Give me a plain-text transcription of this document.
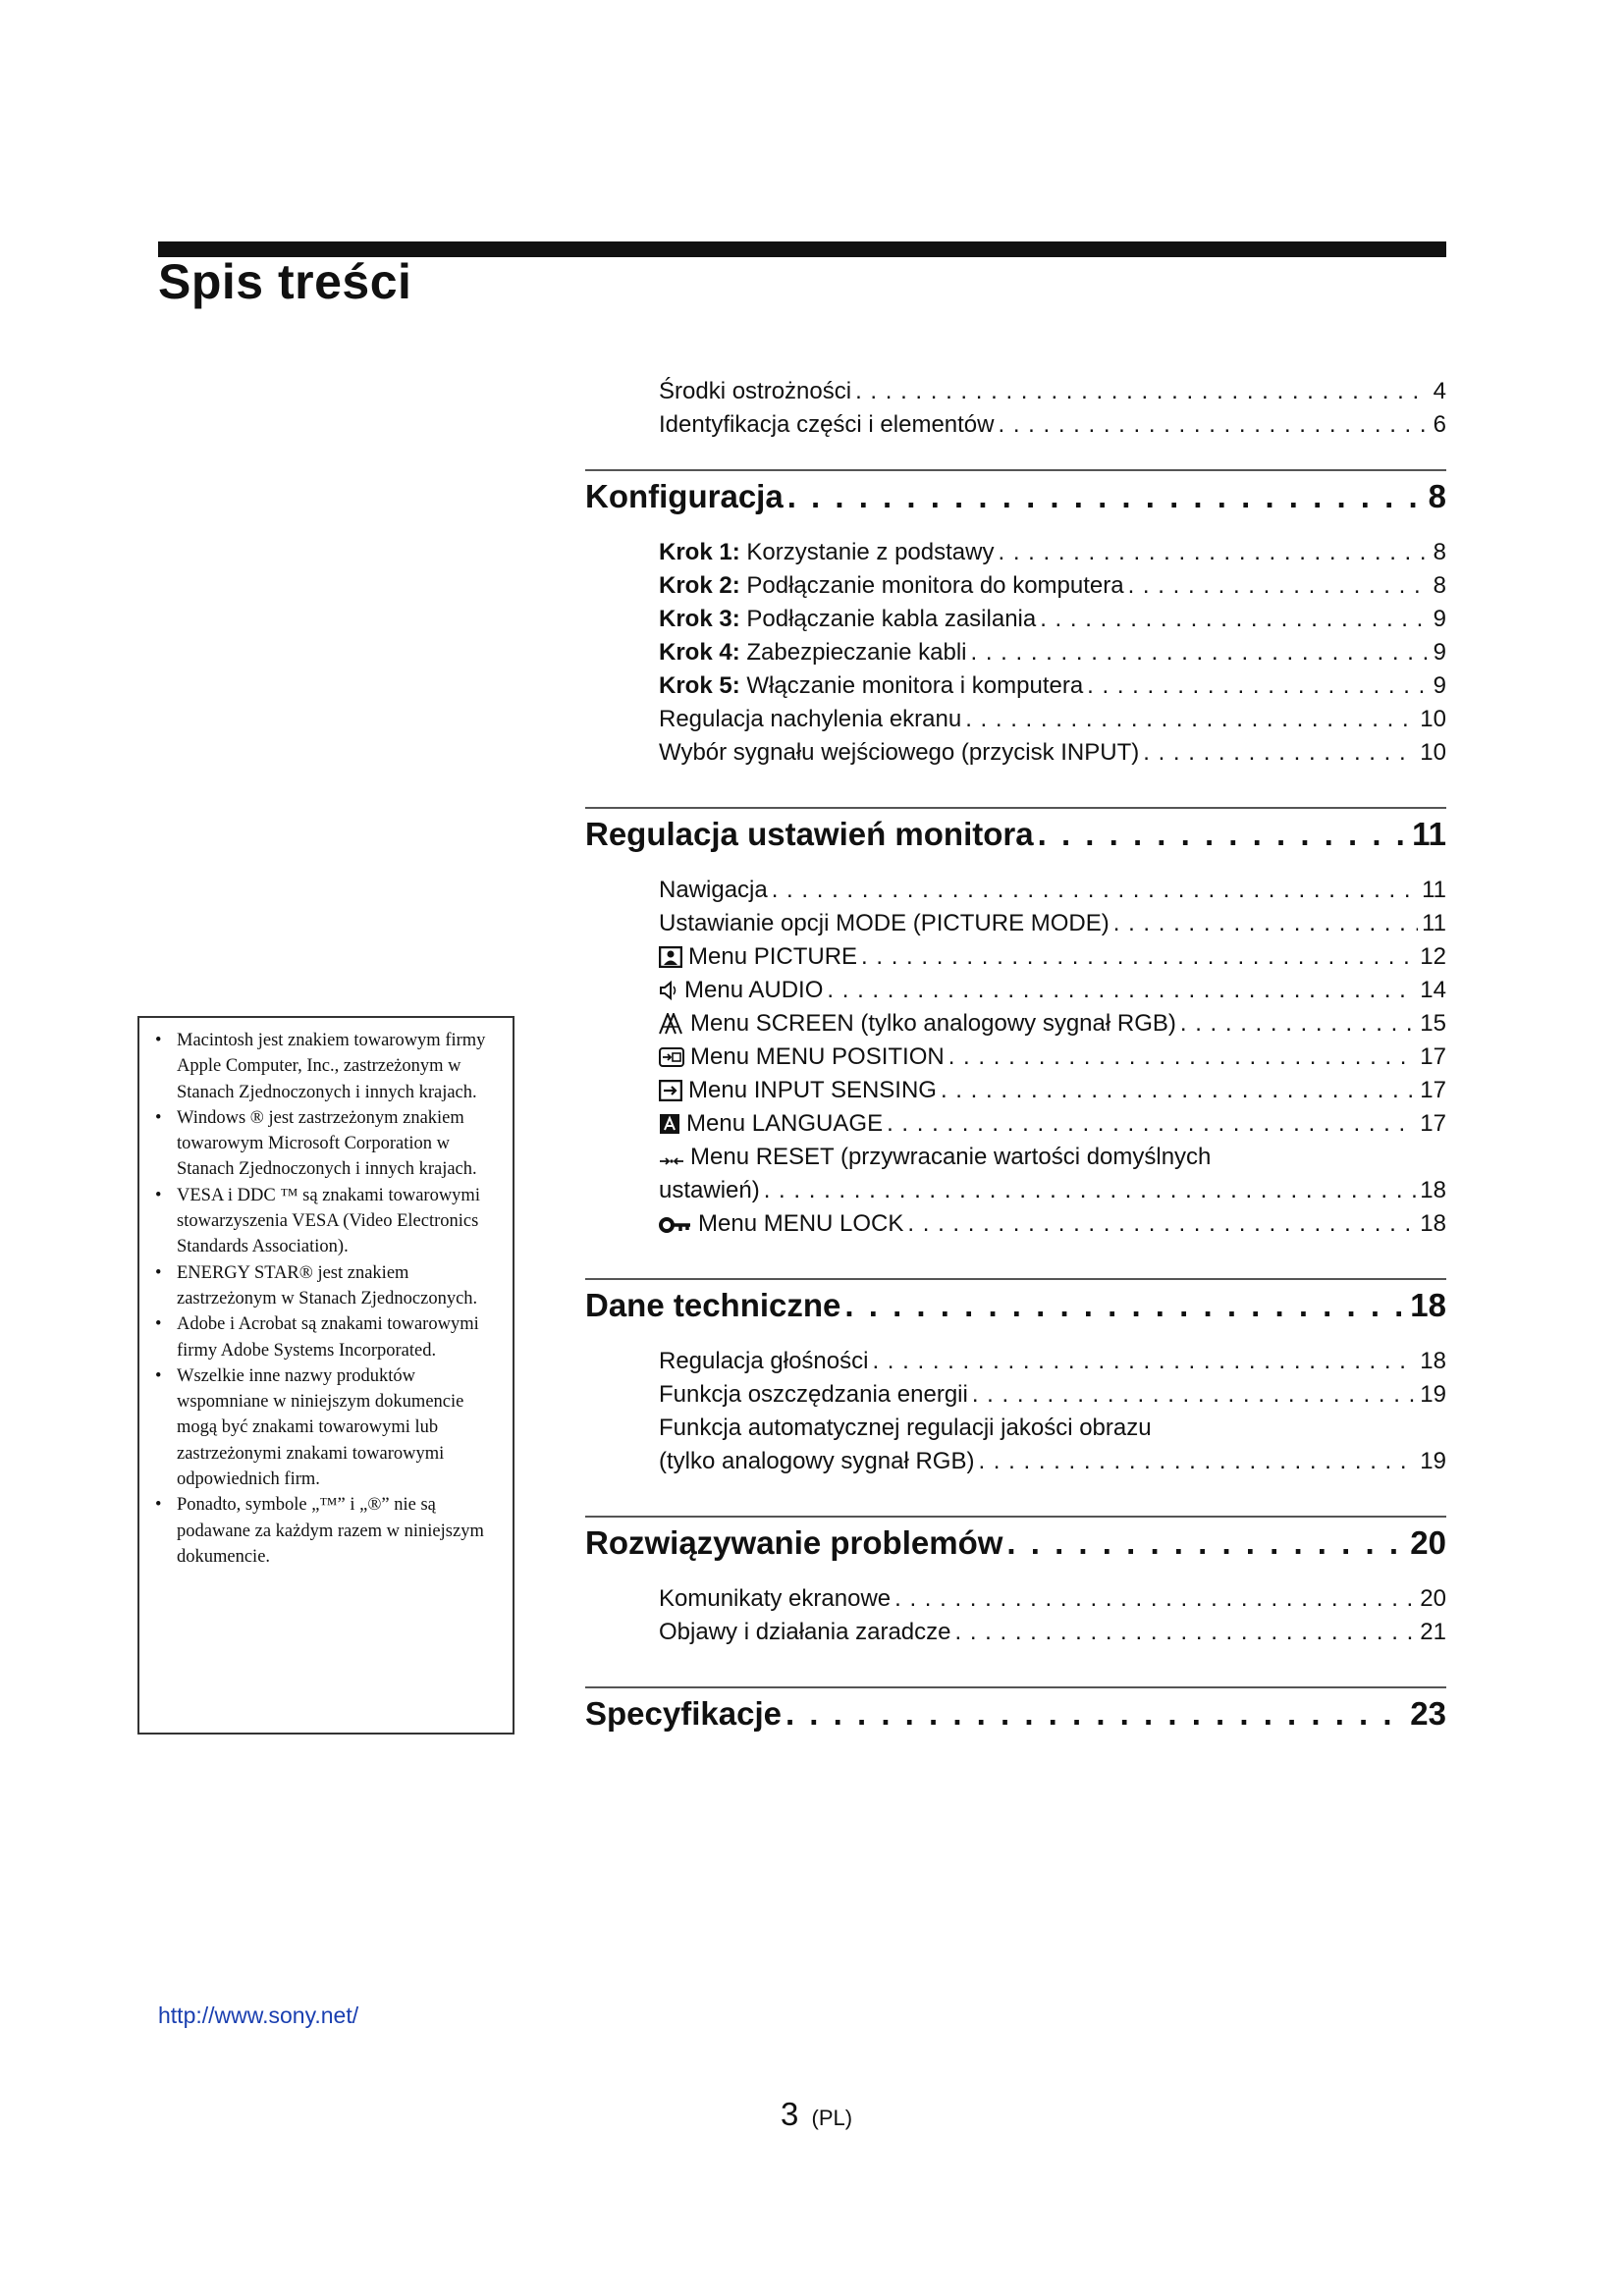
Spis treści
Środki ostrożności . . .	4
Identyfikacja części i elementów . . .	6
Konfiguracja . . .	8
Krok 1: Korzystanie z podstawy . . .	8
Krok 2: Podłączanie monitora do komputera . . .	8
Krok 3: Podłączanie kabla zasilania . . .	9
Krok 4: Zabezpieczanie kabli . . .	9
Krok 5: Włączanie monitora i komputera . . .	9
Regulacja nachylenia ekranu . . .	10
Wybór sygnału wejściowego (przycisk INPUT) . . .	10
Regulacja ustawień monitora . . .	11
Nawigacja . . .	11
Ustawianie opcji MODE (PICTURE MODE) . . .	11
Menu PICTURE . . .	12
Menu AUDIO . . .	14
Menu SCREEN (tylko analogowy sygnał RGB) . . .	15
Menu MENU POSITION . . .	17
Menu INPUT SENSING . . .	17
Menu LANGUAGE . . .	17
Menu RESET (przywracanie wartości domyślnych
ustawień) . . .	18
Menu MENU LOCK . . .	18
Dane techniczne . . .	18
Regulacja głośności . . .	18
Funkcja oszczędzania energii . . .	19
Funkcja automatycznej regulacji jakości obrazu
(tylko analogowy sygnał RGB) . . .	19
Rozwiązywanie problemów . . .	20
Komunikaty ekranowe . . .	20
Objawy i działania zaradcze . . .	21
Specyfikacje . . .	23
• Macintosh jest znakiem towarowym firmy Apple Computer, Inc., zastrzeżonym w Stanach Zjednoczonych i innych krajach.
• Windows ® jest zastrzeżonym znakiem towarowym Microsoft Corporation w Stanach Zjednoczonych i innych krajach.
• VESA i DDC ™ są znakami towarowymi stowarzyszenia VESA (Video Electronics Standards Association).
• ENERGY STAR® jest znakiem zastrzeżonym w Stanach Zjednoczonych.
• Adobe i Acrobat są znakami towarowymi firmy Adobe Systems Incorporated.
• Wszelkie inne nazwy produktów wspomniane w niniejszym dokumencie mogą być znakami towarowymi lub zastrzeżonymi znakami towarowymi odpowiednich firm.
• Ponadto, symbole „™” i „®” nie są podawane za każdym razem w niniejszym dokumencie.
http://www.sony.net/
3 (PL)
